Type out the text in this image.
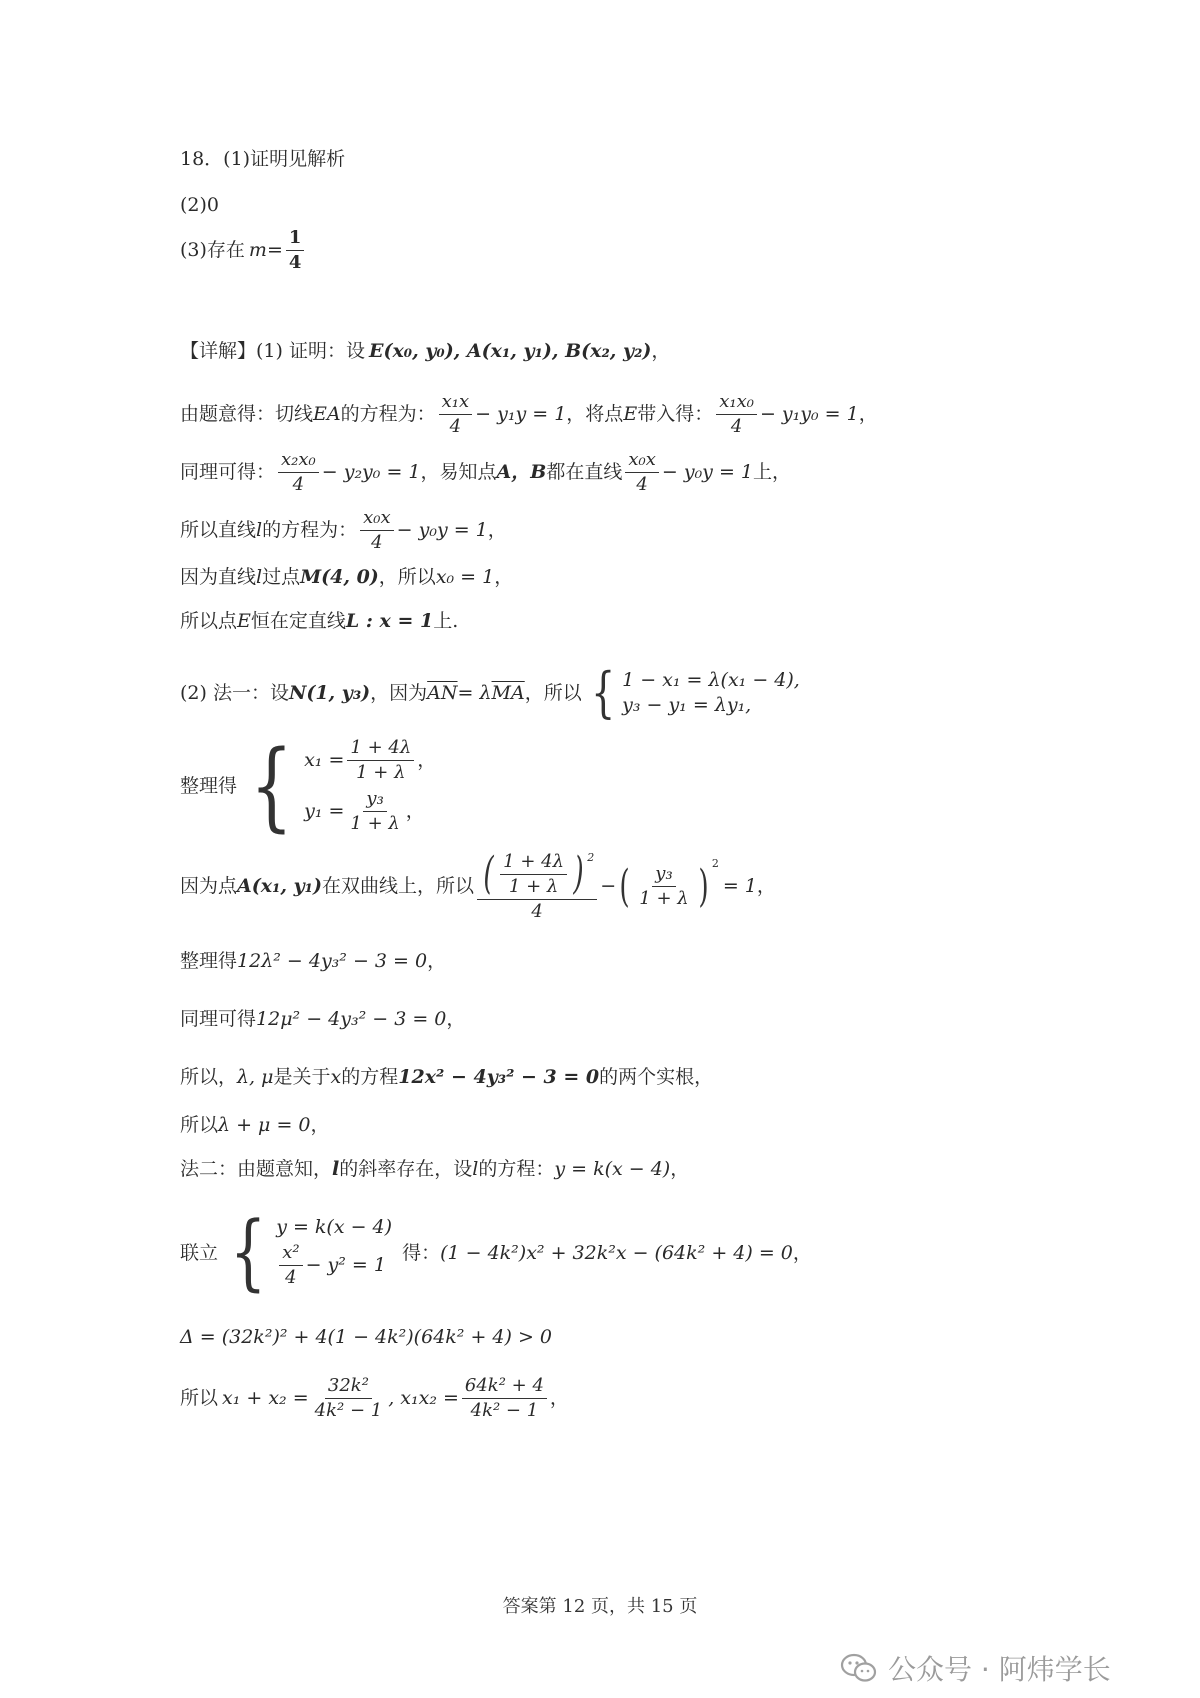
18．(1)证明见解析
(2)0
(3)存在 $m = \frac{1}{4}$
【详解】 (1) 证明：设 E(x₀, y₀), A(x₁, y₁), B(x₂, y₂) ，
由题意得：切线 EA 的方程为： $\frac{\text{x₁x}}{4} - y_1y = 1$ ，将点 E 带入得： $\frac{\text{x₁x₀}}{4} - y_1y_0 = 1$ ，
同理可得： $\frac{\text{x₂x₀}}{4} - y_2y_0 = 1$ ，易知点 A，B 都在直线 $\frac{\text{x₀x}}{4} - y_0y = 1$ 上，
所以直线 l 的方程为： $\frac{\text{x₀x}}{4} - y_0y = 1$ ，
因为直线 l 过点 M(4, 0) ，所以 x₀ = 1 ，
所以点 E 恒在定直线 L : x = 1 上.
(2) 法一：设 N(1, y₃) ，因为 $\overline{AN} = \lambda$ $\overline{MA}$ ，所以 { 1 − x₁ = λ(x₁ − 4),
y₃ − y₁ = λy₁,
整理得 { $x_1 = \frac{1 + 4\lambda}{1 + \lambda}$ ，
$y_1 = \frac{\text{y₃}}{1 + \lambda}$ ，
因为点 A(x₁, y₁) 在双曲线上，所以 ( $\frac{1 + 4\lambda}{1 + \lambda}$ ) $^2$
4
− ( $\frac{\text{y₃}}{1 + \lambda}$ ) $^2$
= 1 ，
整理得 12λ² − 4y₃² − 3 = 0 ，
同理可得 12μ² − 4y₃² − 3 = 0 ，
所以， λ, μ 是关于 x 的方程 12x² − 4y₃² − 3 = 0 的两个实根，
所以 λ + μ = 0 ，
法二：由题意知， l 的斜率存在，设 l 的方程： y = k(x − 4) ，
联立 { y = k(x − 4)
$\frac{\text{x²}}{4} - y^2 = 1$
得： (1 − 4k²)x² + 32k²x − (64k² + 4) = 0 ，
Δ = (32k²)² + 4(1 − 4k²)(64k² + 4) > 0
所以 $x_1 + x_2 = \frac{\text{32k²}}{\text{4k² − 1}}$ , $x_1x_2 = \frac{\text{64k² + 4}}{\text{4k² − 1}}$ ，
答案第 12 页，共 15 页
公众号 · 阿炜学长
